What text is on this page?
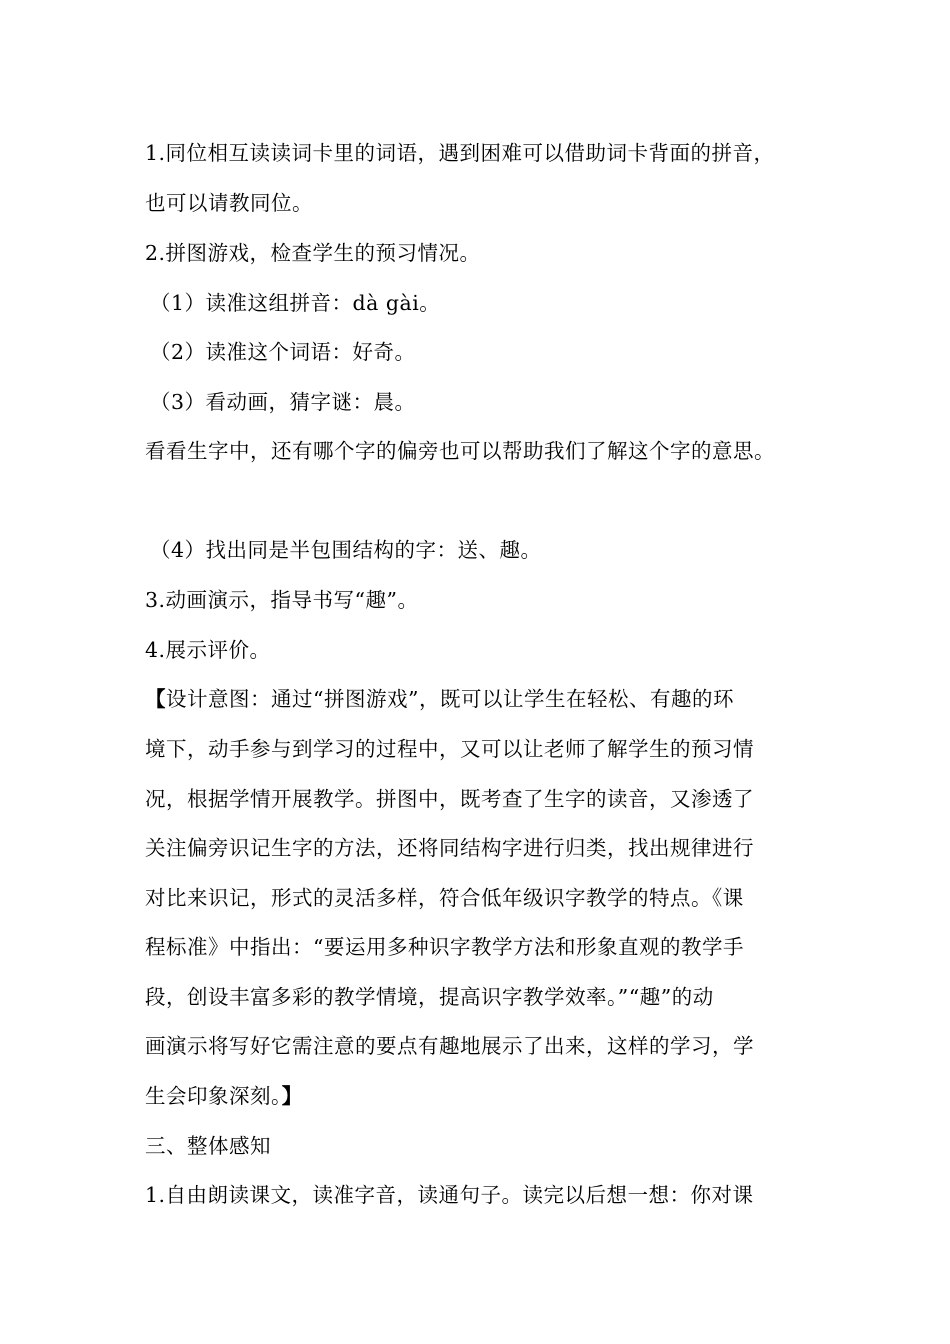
1.同位相互读读词卡里的词语，遇到困难可以借助词卡背面的拼音，
也可以请教同位。
2.拼图游戏，检查学生的预习情况。
（1）读准这组拼音：dà gài。
（2）读准这个词语：好奇。
（3）看动画，猜字谜：晨。
看看生字中，还有哪个字的偏旁也可以帮助我们了解这个字的意思。
（4）找出同是半包围结构的字：送、趣。
3.动画演示，指导书写“趣”。
4.展示评价。
【设计意图：通过“拼图游戏”，既可以让学生在轻松、有趣的环
境下，动手参与到学习的过程中，又可以让老师了解学生的预习情
况，根据学情开展教学。拼图中，既考查了生字的读音，又渗透了
关注偏旁识记生字的方法，还将同结构字进行归类，找出规律进行
对比来识记，形式的灵活多样，符合低年级识字教学的特点。《课
程标准》中指出：“要运用多种识字教学方法和形象直观的教学手
段，创设丰富多彩的教学情境，提高识字教学效率。”“趣”的动
画演示将写好它需注意的要点有趣地展示了出来，这样的学习，学
生会印象深刻。】
三、整体感知
1.自由朗读课文，读准字音，读通句子。读完以后想一想：你对课
